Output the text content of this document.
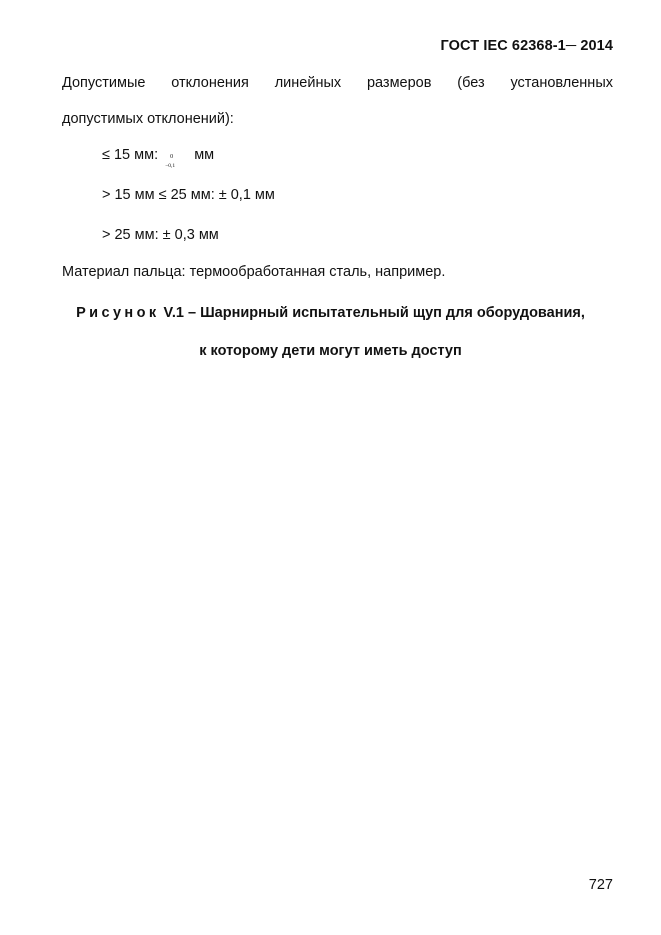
ГОСТ IEC 62368-1─ 2014
Допустимые отклонения линейных размеров (без установленных
допустимых отклонений):
≤ 15 мм: 0
−0,1
мм
> 15 мм ≤ 25 мм: ± 0,1 мм
> 25 мм: ± 0,3 мм
Материал пальца: термообработанная сталь, например.
Рисунок V.1 – Шарнирный испытательный щуп для оборудования,
к которому дети могут иметь доступ
727
